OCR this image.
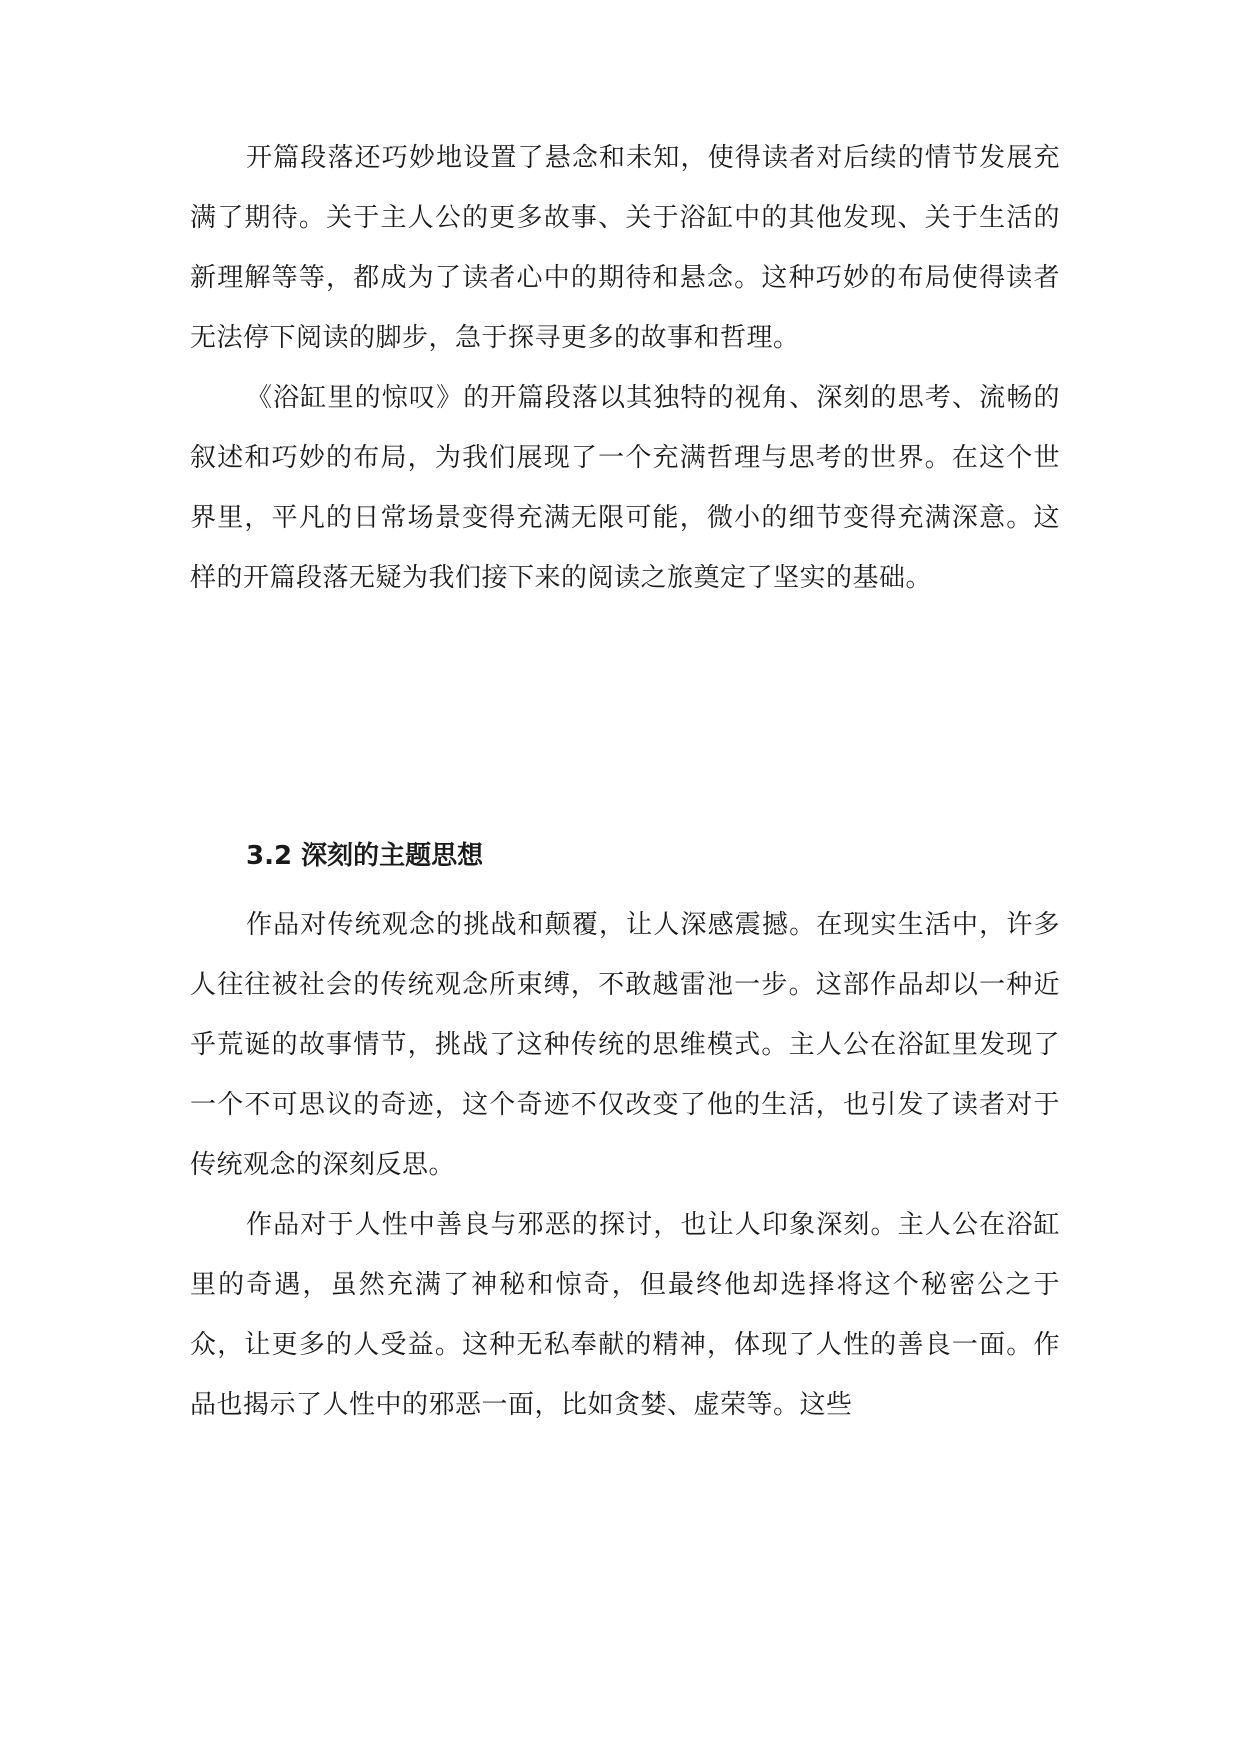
开篇段落还巧妙地设置了悬念和未知，使得读者对后续的情节发展充满了期待。关于主人公的更多故事、关于浴缸中的其他发现、关于生活的新理解等等，都成为了读者心中的期待和悬念。这种巧妙的布局使得读者无法停下阅读的脚步，急于探寻更多的故事和哲理。

《浴缸里的惊叹》的开篇段落以其独特的视角、深刻的思考、流畅的叙述和巧妙的布局，为我们展现了一个充满哲理与思考的世界。在这个世界里，平凡的日常场景变得充满无限可能，微小的细节变得充满深意。这样的开篇段落无疑为我们接下来的阅读之旅奠定了坚实的基础。

3.2 深刻的主题思想

作品对传统观念的挑战和颠覆，让人深感震撼。在现实生活中，许多人往往被社会的传统观念所束缚，不敢越雷池一步。这部作品却以一种近乎荒诞的故事情节，挑战了这种传统的思维模式。主人公在浴缸里发现了一个不可思议的奇迹，这个奇迹不仅改变了他的生活，也引发了读者对于传统观念的深刻反思。

作品对于人性中善良与邪恶的探讨，也让人印象深刻。主人公在浴缸里的奇遇，虽然充满了神秘和惊奇，但最终他却选择将这个秘密公之于众，让更多的人受益。这种无私奉献的精神，体现了人性的善良一面。作品也揭示了人性中的邪恶一面，比如贪婪、虚荣等。这些
